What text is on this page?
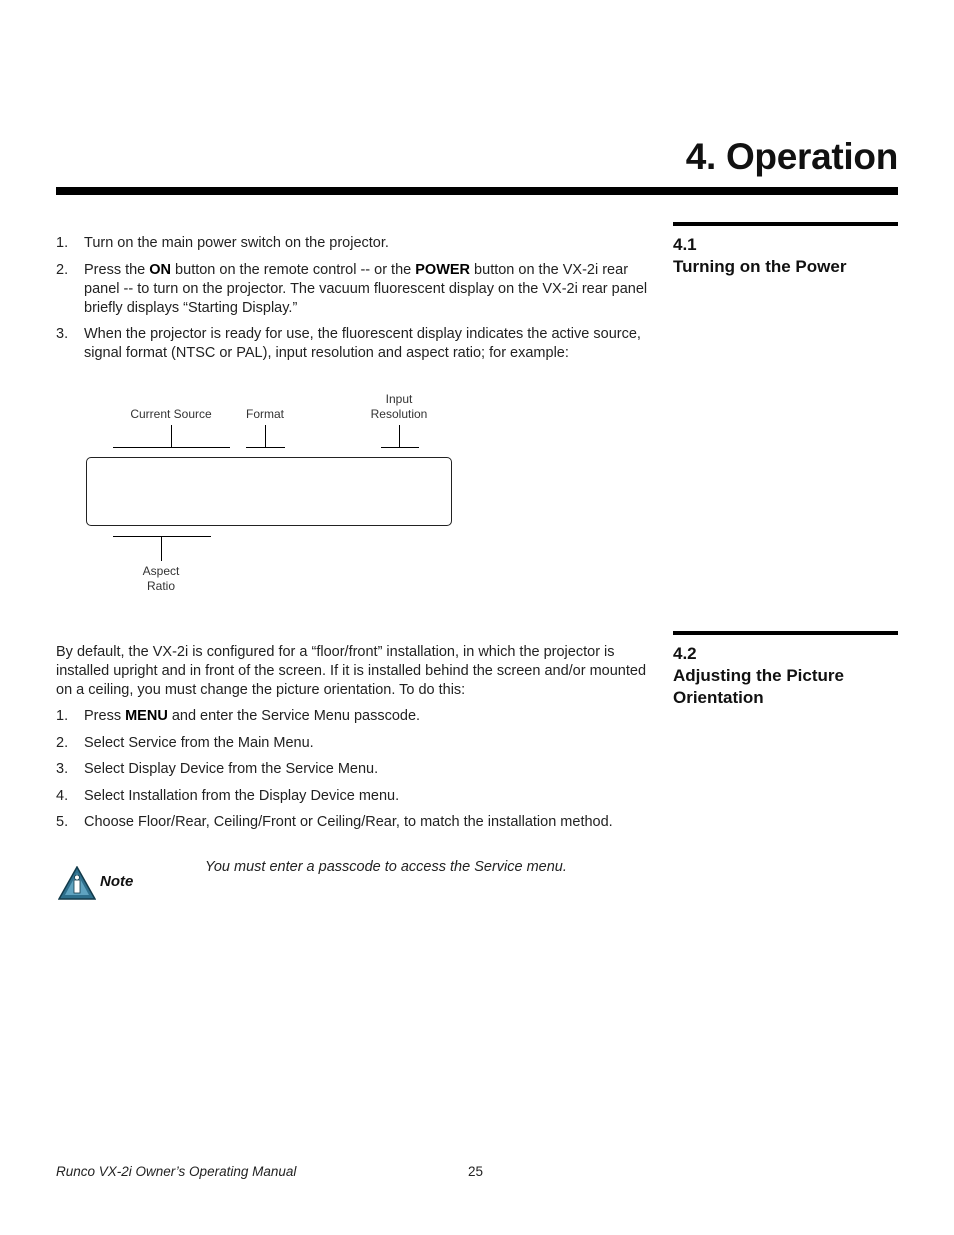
4. Operation
4.1
Turning on the Power
1.	Turn on the main power switch on the projector.
2.	Press the ON button on the remote control -- or the POWER button on the VX-2i rear panel -- to turn on the projector. The vacuum fluorescent display on the VX-2i rear panel briefly displays “Starting Display.”
3.	When the projector is ready for use, the fluorescent display indicates the active source, signal format (NTSC or PAL), input resolution and aspect ratio; for example:
Current Source	Format
Input
Resolution
Aspect
Ratio
4.2
Adjusting the Picture
Orientation
By default, the VX-2i is configured for a “floor/front” installation, in which the projector is installed upright and in front of the screen. If it is installed behind the screen and/or mounted on a ceiling, you must change the picture orientation. To do this:
1.	Press MENU and enter the Service Menu passcode.
2.	Select Service from the Main Menu.
3.	Select Display Device from the Service Menu.
4.	Select Installation from the Display Device menu.
5.	Choose Floor/Rear, Ceiling/Front or Ceiling/Rear, to match the installation method.
Note
You must enter a passcode to access the Service menu.
Runco VX-2i Owner’s Operating Manual	25
